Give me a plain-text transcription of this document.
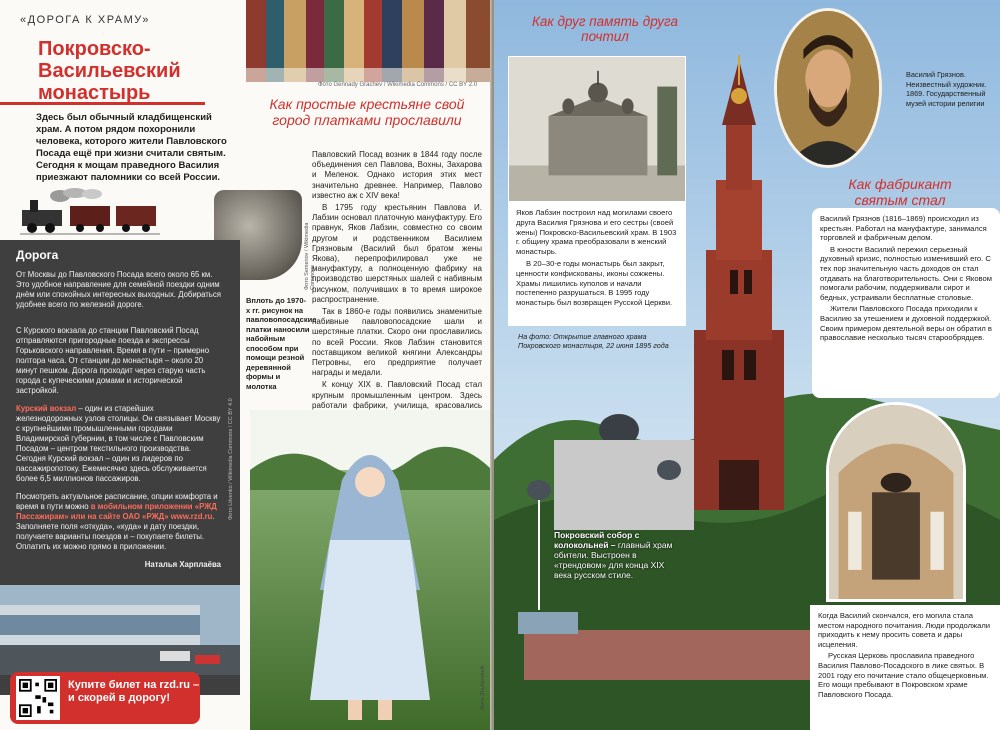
«ДОРОГА К ХРАМУ»
Покровско-Васильевский монастырь
Здесь был обычный кладбищенский храм. А потом рядом похоронили человека, которого жители Павловского Посада ещё при жизни считали святым. Сегодня к мощам праведного Василия приезжают паломники со всей России.
Фото Semenov / Wikimedia Commons
Вплоть до 1970-х гг. рисунок на павловопосадские платки наносили набойным способом при помощи резной деревянной формы и молотка
Фото Gennady Grachev / Wikimedia Commons / CC BY 2.0
Как простые крестьяне свой город платками прославили

Павловский Посад возник в 1844 году после объединения сел Павлова, Вохны, Захарова и Меленок. Однако история этих мест значительно древнее. Например, Павлово известно аж с XIV века!

В 1795 году крестьянин Павлова И. Лабзин основал платочную мануфактуру. Его правнук, Яков Лабзин, совместно со своим другом и родственником Василием Грязновым (Василий был братом жены Якова), перепрофилировал уже не мануфактуру, а полноценную фабрику на производство шерстяных шалей с набивным рисунком, получивших в то время широкое распространение.

Так в 1860-е годы появились знаменитые набивные павловопосадские шали и шерстяные платки. Скоро они прославились по всей России. Яков Лабзин становится поставщиком великой княгини Александры Петровны, его предприятие получает награды и медали.

К концу XIX в. Павловский Посад стал крупным промышленным центром. Здесь работали фабрики, училища, красовались

Фото Shutterstock
Дорога
От Москвы до Павловского Посада всего около 65 км. Это удобное направление для семейной поездки одним днём или спокойных интересных выходных. Добираться удобнее всего по железной дороге.
С Курского вокзала до станции Павловский Посад отправляются пригородные поезда и экспрессы Горьковского направления. Время в пути – примерно полтора часа. От станции до монастыря – около 20 минут пешком. Дорога проходит через старую часть города с купеческими домами и исторической застройкой.
Курский вокзал – один из старейших железнодорожных узлов столицы. Он связывает Москву с крупнейшими промышленными городами Владимирской губернии, в том числе с Павловским Посадом – центром текстильного производства. Сегодня Курский вокзал – один из лидеров по пассажиропотоку. Ежемесячно здесь обслуживается более 6,5 миллионов пассажиров.
Посмотреть актуальное расписание, опции комфорта и время в пути можно в мобильном приложении «РЖД Пассажирам» или на сайте ОАО «РЖД» www.rzd.ru. Заполняете поля «откуда», «куда» и дату поездки, получаете варианты поездов и – покупаете билеты. Оплатить их можно прямо в приложении.
Наталья Харплаёва
Фото Litvenko / Wikimedia Commons / CC BY 4.0
Купите билет на rzd.ru – и скорей в дорогу!
Как друг память друга почтил

Яков Лабзин построил над могилами своего друга Василия Грязнова и его сестры (своей жены) Покровско-Васильевский храм. В 1903 г. общину храма преобразовали в женский монастырь.

В 20–30-е годы монастырь был закрыт, ценности конфискованы, иконы сожжены. Храмы лишились куполов и начали постепенно разрушаться. В 1995 году монастырь был возвращен Русской Церкви.

На фото: Открытие главного храма Покровского монастыря, 22 июня 1895 года
Василий Грязнов. Неизвестный художник. 1869. Государственный музей истории религии
Как фабрикант святым стал

Василий Грязнов (1816–1869) происходил из крестьян. Работал на мануфактуре, занимался торговлей и фабричным делом.

В юности Василий пережил серьезный духовный кризис, полностью изменивший его. С тех пор значительную часть доходов он стал отдавать на благотворительность. Они с Яковом помогали рабочим, поддерживали сирот и бедных, устраивали бесплатные столовые.

Жители Павловского Посада приходили к Василию за утешением и духовной поддержкой. Своим примером деятельной веры он обратил в православие несколько тысяч старообрядцев.

Покровский собор с колокольней – главный храм обители. Выстроен в «трендовом» для конца XIX века русском стиле.

Когда Василий скончался, его могила стала местом народного почитания. Люди продолжали приходить к нему просить совета и дары исцеления.

Русская Церковь прославила праведного Василия Павлово-Посадского в лике святых. В 2001 году его почитание стало общецерковным. Его мощи пребывают в Покровском храме Павловского Посада.
